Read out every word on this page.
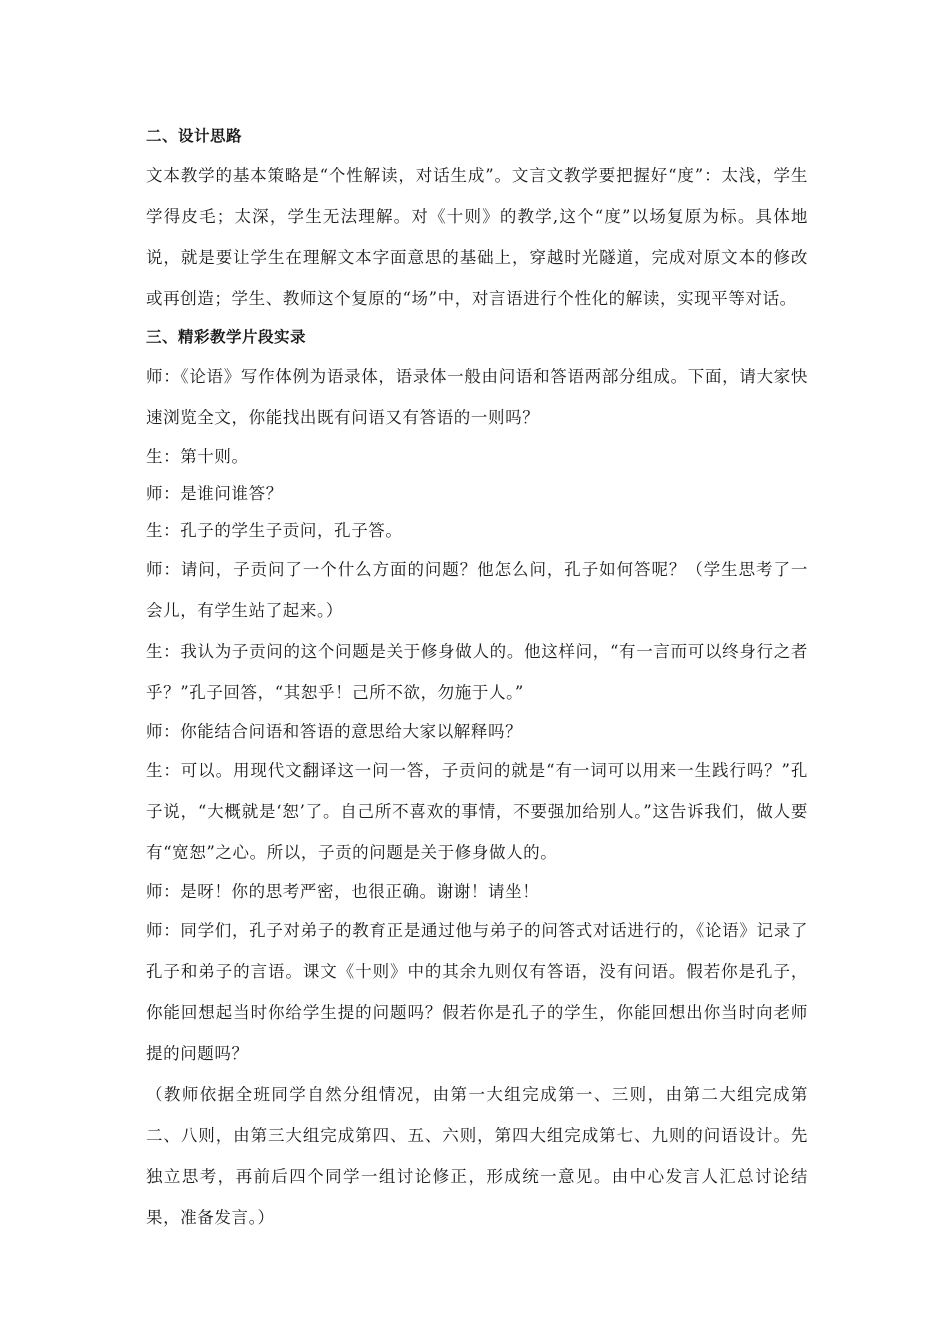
二、设计思路

文本教学的基本策略是“个性解读，对话生成”。文言文教学要把握好“度”：太浅，学生学得皮毛；太深，学生无法理解。对《十则》的教学,这个“度”以场复原为标。具体地说，就是要让学生在理解文本字面意思的基础上，穿越时光隧道，完成对原文本的修改或再创造；学生、教师这个复原的“场”中，对言语进行个性化的解读，实现平等对话。

三、精彩教学片段实录

师：《论语》写作体例为语录体，语录体一般由问语和答语两部分组成。下面，请大家快速浏览全文，你能找出既有问语又有答语的一则吗？

生：第十则。

师：是谁问谁答？

生：孔子的学生子贡问，孔子答。

师：请问，子贡问了一个什么方面的问题？他怎么问，孔子如何答呢？（学生思考了一会儿，有学生站了起来。）

生：我认为子贡问的这个问题是关于修身做人的。他这样问，“有一言而可以终身行之者乎？”孔子回答，“其恕乎！己所不欲，勿施于人。”

师：你能结合问语和答语的意思给大家以解释吗？

生：可以。用现代文翻译这一问一答，子贡问的就是“有一词可以用来一生践行吗？”孔子说，“大概就是‘恕’了。自己所不喜欢的事情，不要强加给别人。”这告诉我们，做人要有“宽恕”之心。所以，子贡的问题是关于修身做人的。

师：是呀！你的思考严密，也很正确。谢谢！请坐！

师：同学们，孔子对弟子的教育正是通过他与弟子的问答式对话进行的，《论语》记录了孔子和弟子的言语。课文《十则》中的其余九则仅有答语，没有问语。假若你是孔子，你能回想起当时你给学生提的问题吗？假若你是孔子的学生，你能回想出你当时向老师提的问题吗？

（教师依据全班同学自然分组情况，由第一大组完成第一、三则，由第二大组完成第二、八则，由第三大组完成第四、五、六则，第四大组完成第七、九则的问语设计。先独立思考，再前后四个同学一组讨论修正，形成统一意见。由中心发言人汇总讨论结果，准备发言。）
